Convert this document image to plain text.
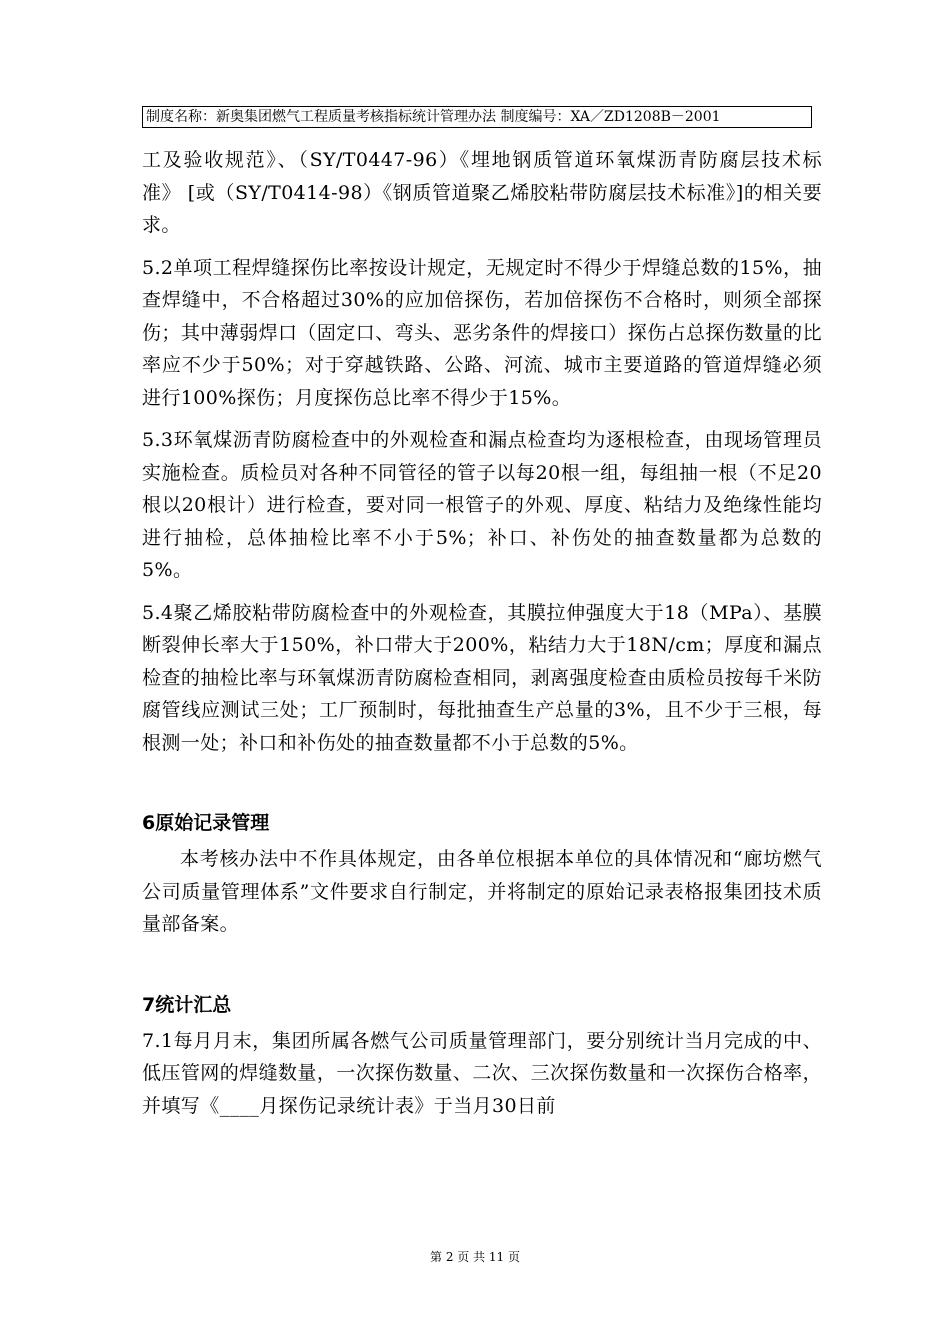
制度名称：新奥集团燃气工程质量考核指标统计管理办法 制度编号：XA／ZD1208B－2001

工及验收规范》、（SY/T0447-96）《埋地钢质管道环氧煤沥青防腐层技术标准》 [或（SY/T0414-98）《钢质管道聚乙烯胶粘带防腐层技术标准》]的相关要求。

5.2单项工程焊缝探伤比率按设计规定，无规定时不得少于焊缝总数的15%，抽查焊缝中，不合格超过30%的应加倍探伤，若加倍探伤不合格时，则须全部探伤；其中薄弱焊口（固定口、弯头、恶劣条件的焊接口）探伤占总探伤数量的比率应不少于50%；对于穿越铁路、公路、河流、城市主要道路的管道焊缝必须进行100%探伤；月度探伤总比率不得少于15%。

5.3环氧煤沥青防腐检查中的外观检查和漏点检查均为逐根检查，由现场管理员实施检查。质检员对各种不同管径的管子以每20根一组，每组抽一根（不足20根以20根计）进行检查，要对同一根管子的外观、厚度、粘结力及绝缘性能均进行抽检，总体抽检比率不小于5%；补口、补伤处的抽查数量都为总数的5%。

5.4聚乙烯胶粘带防腐检查中的外观检查，其膜拉伸强度大于18（MPa）、基膜断裂伸长率大于150%，补口带大于200%，粘结力大于18N/cm；厚度和漏点检查的抽检比率与环氧煤沥青防腐检查相同，剥离强度检查由质检员按每千米防腐管线应测试三处；工厂预制时，每批抽查生产总量的3%，且不少于三根，每根测一处；补口和补伤处的抽查数量都不小于总数的5%。

6原始记录管理

本考核办法中不作具体规定，由各单位根据本单位的具体情况和“廊坊燃气公司质量管理体系”文件要求自行制定，并将制定的原始记录表格报集团技术质量部备案。

7统计汇总

7.1每月月末，集团所属各燃气公司质量管理部门，要分别统计当月完成的中、低压管网的焊缝数量，一次探伤数量、二次、三次探伤数量和一次探伤合格率，并填写《____月探伤记录统计表》于当月30日前

第 2 页 共 11 页
